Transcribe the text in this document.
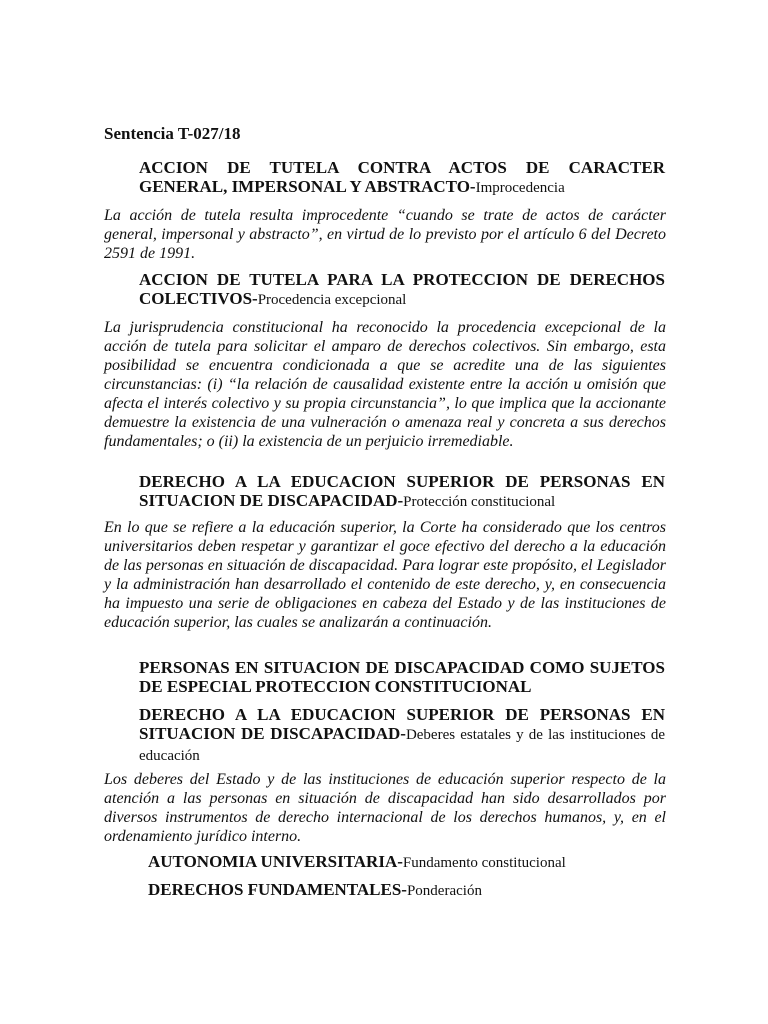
Sentencia T-027/18

ACCION DE TUTELA CONTRA ACTOS DE CARACTER GENERAL, IMPERSONAL Y ABSTRACTO-Improcedencia

La acción de tutela resulta improcedente “cuando se trate de actos de carácter general, impersonal y abstracto”, en virtud de lo previsto por el artículo 6 del Decreto 2591 de 1991.

ACCION DE TUTELA PARA LA PROTECCION DE DERECHOS COLECTIVOS-Procedencia excepcional

La jurisprudencia constitucional ha reconocido la procedencia excepcional de la acción de tutela para solicitar el amparo de derechos colectivos. Sin embargo, esta posibilidad se encuentra condicionada a que se acredite una de las siguientes circunstancias: (i) “la relación de causalidad existente entre la acción u omisión que afecta el interés colectivo y su propia circunstancia”, lo que implica que la accionante demuestre la existencia de una vulneración o amenaza real y concreta a sus derechos fundamentales; o (ii) la existencia de un perjuicio irremediable.

DERECHO A LA EDUCACION SUPERIOR DE PERSONAS EN SITUACION DE DISCAPACIDAD-Protección constitucional

En lo que se refiere a la educación superior, la Corte ha considerado que los centros universitarios deben respetar y garantizar el goce efectivo del derecho a la educación de las personas en situación de discapacidad. Para lograr este propósito, el Legislador y la administración han desarrollado el contenido de este derecho, y, en consecuencia ha impuesto una serie de obligaciones en cabeza del Estado y de las instituciones de educación superior, las cuales se analizarán a continuación.

PERSONAS EN SITUACION DE DISCAPACIDAD COMO SUJETOS DE ESPECIAL PROTECCION CONSTITUCIONAL

DERECHO A LA EDUCACION SUPERIOR DE PERSONAS EN SITUACION DE DISCAPACIDAD-Deberes estatales y de las instituciones de educación

Los deberes del Estado y de las instituciones de educación superior respecto de la atención a las personas en situación de discapacidad han sido desarrollados por diversos instrumentos de derecho internacional de los derechos humanos, y, en el ordenamiento jurídico interno.

AUTONOMIA UNIVERSITARIA-Fundamento constitucional

DERECHOS FUNDAMENTALES-Ponderación
